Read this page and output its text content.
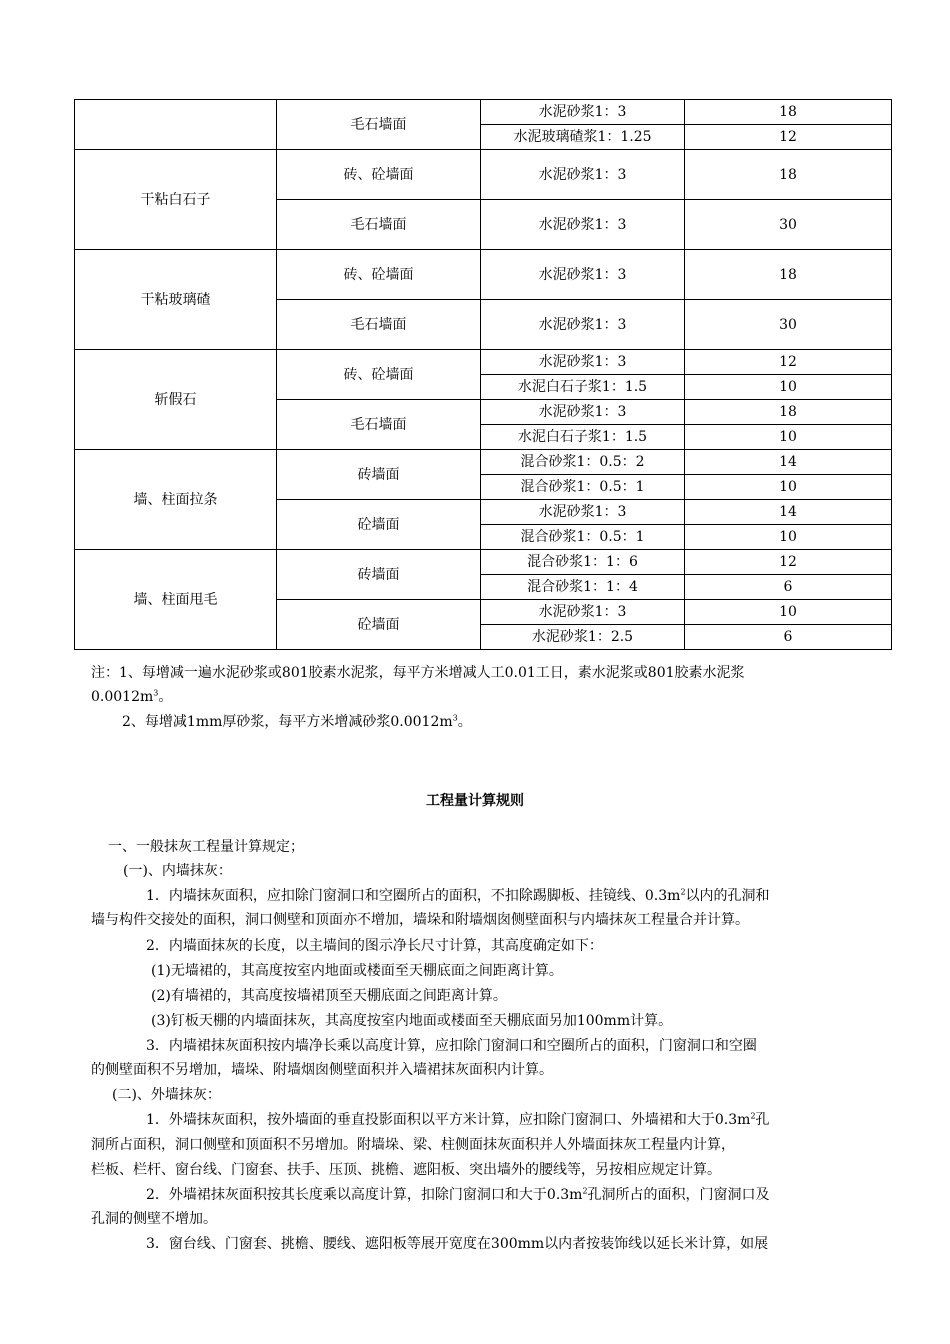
	毛石墙面	水泥砂浆1：3	18
		水泥玻璃碴浆1：1.25	12
干粘白石子	砖、砼墙面	水泥砂浆1：3	18
	毛石墙面	水泥砂浆1：3	30
干粘玻璃碴	砖、砼墙面	水泥砂浆1：3	18
	毛石墙面	水泥砂浆1：3	30
斩假石	砖、砼墙面	水泥砂浆1：3	12
		水泥白石子浆1：1.5	10
	毛石墙面	水泥砂浆1：3	18
		水泥白石子浆1：1.5	10
墙、柱面拉条	砖墙面	混合砂浆1：0.5：2	14
		混合砂浆1：0.5：1	10
	砼墙面	水泥砂浆1：3	14
		混合砂浆1：0.5：1	10
墙、柱面甩毛	砖墙面	混合砂浆1：1：6	12
		混合砂浆1：1：4	6
	砼墙面	水泥砂浆1：3	10
		水泥砂浆1：2.5	6
注：1、每增减一遍水泥砂浆或801胶素水泥浆，每平方米增减人工0.01工日，素水泥浆或801胶素水泥浆
$0.0012m^3$。
2、每增减1mm厚砂浆，每平方米增减砂浆$0.0012m^3$。
工程量计算规则
一、一般抹灰工程量计算规定；
(一)、内墙抹灰：
1．内墙抹灰面积，应扣除门窗洞口和空圈所占的面积，不扣除踢脚板、挂镜线、$0.3m^2$以内的孔洞和
墙与构件交接处的面积，洞口侧壁和顶面亦不增加，墙垛和附墙烟囱侧壁面积与内墙抹灰工程量合并计算。
2．内墙面抹灰的长度，以主墙间的图示净长尺寸计算，其高度确定如下：
(1)无墙裙的，其高度按室内地面或楼面至天棚底面之间距离计算。
(2)有墙裙的，其高度按墙裙顶至天棚底面之间距离计算。
(3)钉板天棚的内墙面抹灰，其高度按室内地面或楼面至天棚底面另加100mm计算。
3．内墙裙抹灰面积按内墙净长乘以高度计算，应扣除门窗洞口和空圈所占的面积，门窗洞口和空圈
的侧壁面积不另增加，墙垛、附墙烟囱侧壁面积并入墙裙抹灰面积内计算。
(二)、外墙抹灰：
1．外墙抹灰面积，按外墙面的垂直投影面积以平方米计算，应扣除门窗洞口、外墙裙和大于$0.3m^2$孔
洞所占面积，洞口侧壁和顶面积不另增加。附墙垛、梁、柱侧面抹灰面积并人外墙面抹灰工程量内计算，
栏板、栏杆、窗台线、门窗套、扶手、压顶、挑檐、遮阳板、突出墙外的腰线等，另按相应规定计算。
2．外墙裙抹灰面积按其长度乘以高度计算，扣除门窗洞口和大于$0.3m^2$孔洞所占的面积，门窗洞口及
孔洞的侧壁不增加。
3．窗台线、门窗套、挑檐、腰线、遮阳板等展开宽度在300mm以内者按装饰线以延长米计算，如展
